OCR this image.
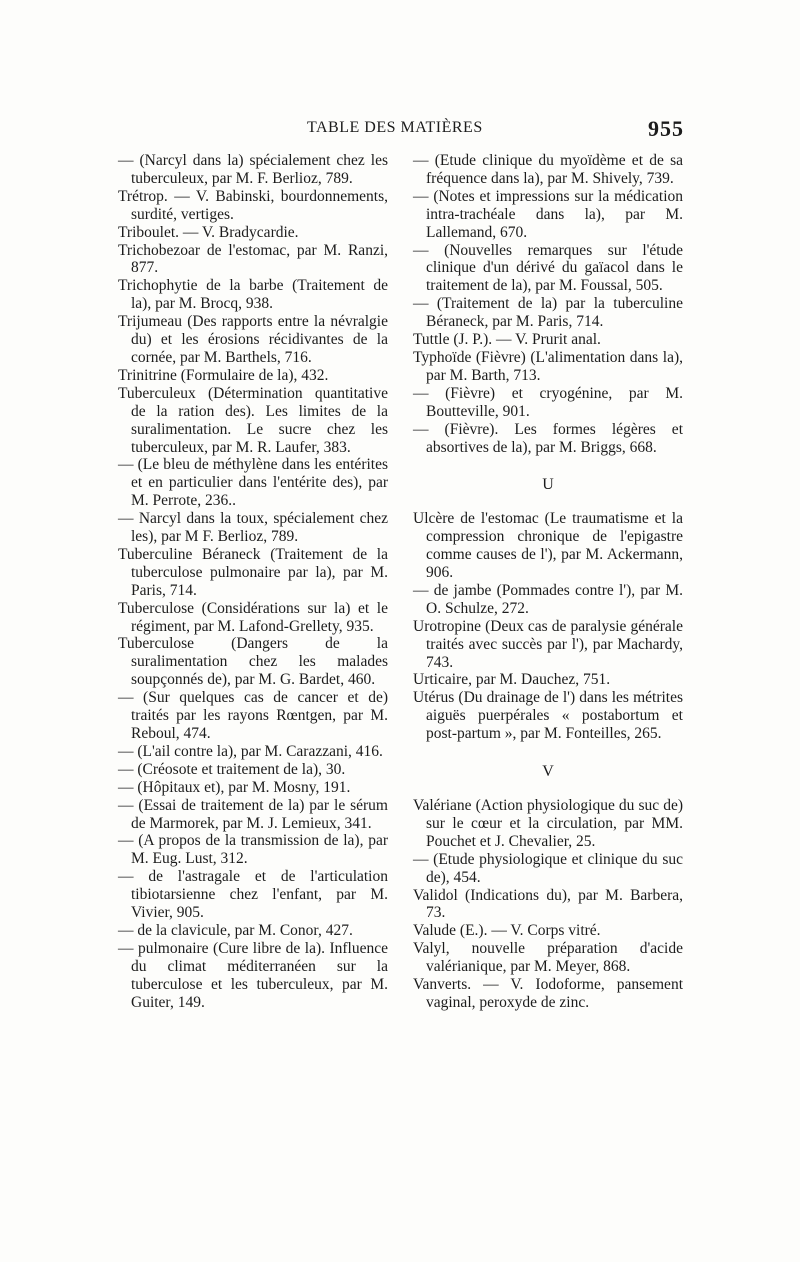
TABLE DES MATIÈRES	955

— (Narcyl dans la) spécialement chez les tuberculeux, par M. F. Berlioz, 789.

Trétrop. — V. Babinski, bourdonnements, surdité, vertiges.

Triboulet. — V. Bradycardie.

Trichobezoar de l'estomac, par M. Ranzi, 877.

Trichophytie de la barbe (Traitement de la), par M. Brocq, 938.

Trijumeau (Des rapports entre la névralgie du) et les érosions récidivantes de la cornée, par M. Barthels, 716.

Trinitrine (Formulaire de la), 432.

Tuberculeux (Détermination quantitative de la ration des). Les limites de la suralimentation. Le sucre chez les tuberculeux, par M. R. Laufer, 383.

— (Le bleu de méthylène dans les entérites et en particulier dans l'entérite des), par M. Perrote, 236..

— Narcyl dans la toux, spécialement chez les), par M F. Berlioz, 789.

Tuberculine Béraneck (Traitement de la tuberculose pulmonaire par la), par M. Paris, 714.

Tuberculose (Considérations sur la) et le régiment, par M. Lafond-Grellety, 935.

Tuberculose (Dangers de la suralimentation chez les malades soupçonnés de), par M. G. Bardet, 460.

— (Sur quelques cas de cancer et de) traités par les rayons Rœntgen, par M. Reboul, 474.

— (L'ail contre la), par M. Carazzani, 416.

— (Créosote et traitement de la), 30.

— (Hôpitaux et), par M. Mosny, 191.

— (Essai de traitement de la) par le sérum de Marmorek, par M. J. Lemieux, 341.

— (A propos de la transmission de la), par M. Eug. Lust, 312.

— de l'astragale et de l'articulation tibiotarsienne chez l'enfant, par M. Vivier, 905.

— de la clavicule, par M. Conor, 427.

— pulmonaire (Cure libre de la). Influence du climat méditerranéen sur la tuberculose et les tuberculeux, par M. Guiter, 149.

— (Etude clinique du myoïdème et de sa fréquence dans la), par M. Shively, 739.

— (Notes et impressions sur la médication intra-trachéale dans la), par M. Lallemand, 670.

— (Nouvelles remarques sur l'étude clinique d'un dérivé du gaïacol dans le traitement de la), par M. Foussal, 505.

— (Traitement de la) par la tuberculine Béraneck, par M. Paris, 714.

Tuttle (J. P.). — V. Prurit anal.

Typhoïde (Fièvre) (L'alimentation dans la), par M. Barth, 713.

— (Fièvre) et cryogénine, par M. Boutteville, 901.

— (Fièvre). Les formes légères et absortives de la), par M. Briggs, 668.

U

Ulcère de l'estomac (Le traumatisme et la compression chronique de l'epigastre comme causes de l'), par M. Ackermann, 906.

— de jambe (Pommades contre l'), par M. O. Schulze, 272.

Urotropine (Deux cas de paralysie générale traités avec succès par l'), par Machardy, 743.

Urticaire, par M. Dauchez, 751.

Utérus (Du drainage de l') dans les métrites aiguës puerpérales « postabortum et post-partum », par M. Fonteilles, 265.

V

Valériane (Action physiologique du suc de) sur le cœur et la circulation, par MM. Pouchet et J. Chevalier, 25.

— (Etude physiologique et clinique du suc de), 454.

Validol (Indications du), par M. Barbera, 73.

Valude (E.). — V. Corps vitré.

Valyl, nouvelle préparation d'acide valérianique, par M. Meyer, 868.

Vanverts. — V. Iodoforme, pansement vaginal, peroxyde de zinc.
